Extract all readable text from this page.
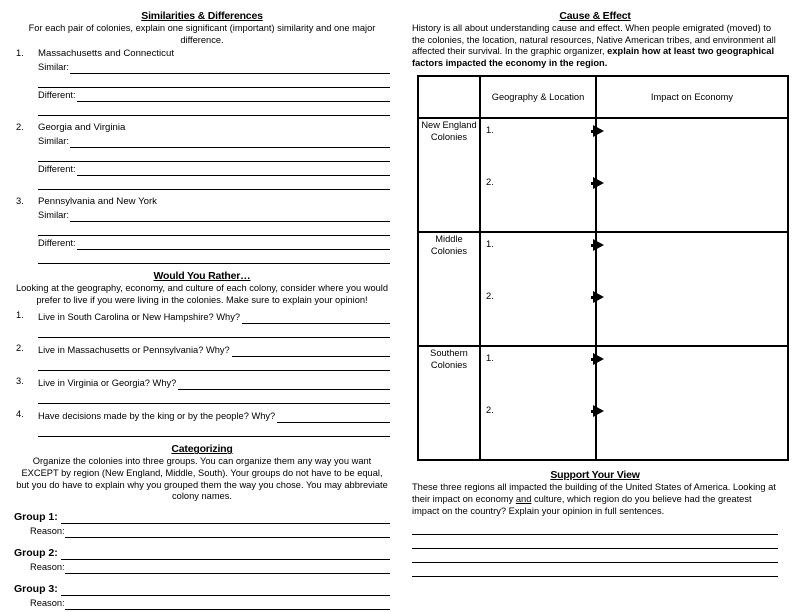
Similarities & Differences

For each pair of colonies, explain one significant (important) similarity and one major difference.

1. Massachusetts and Connecticut
Similar:
Different:
2. Georgia and Virginia
Similar:
Different:
3. Pennsylvania and New York
Similar:
Different:
Would You Rather…

Looking at the geography, economy, and culture of each colony, consider where you would prefer to live if you were living in the colonies. Make sure to explain your opinion!

1. Live in South Carolina or New Hampshire? Why?
2. Live in Massachusetts or Pennsylvania? Why?
3. Live in Virginia or Georgia? Why?
4. Have decisions made by the king or by the people? Why?
Categorizing

Organize the colonies into three groups. You can organize them any way you want EXCEPT by region (New England, Middle, South). Your groups do not have to be equal, but you do have to explain why you grouped them the way you chose. You may abbreviate colony names.

Group 1:
Reason:
Group 2:
Reason:
Group 3:
Reason:
Cause & Effect

History is all about understanding cause and effect. When people emigrated (moved) to the colonies, the location, natural resources, Native American tribes, and environment all affected their survival. In the graphic organizer, explain how at least two geographical factors impacted the economy in the region.

	Geography & Location	Impact on Economy
New England Colonies	1.
2.	

Middle Colonies	1.
2.	

Southern Colonies	1.
2.	

Support Your View

These three regions all impacted the building of the United States of America. Looking at their impact on economy and culture, which region do you believe had the greatest impact on the country? Explain your opinion in full sentences.
